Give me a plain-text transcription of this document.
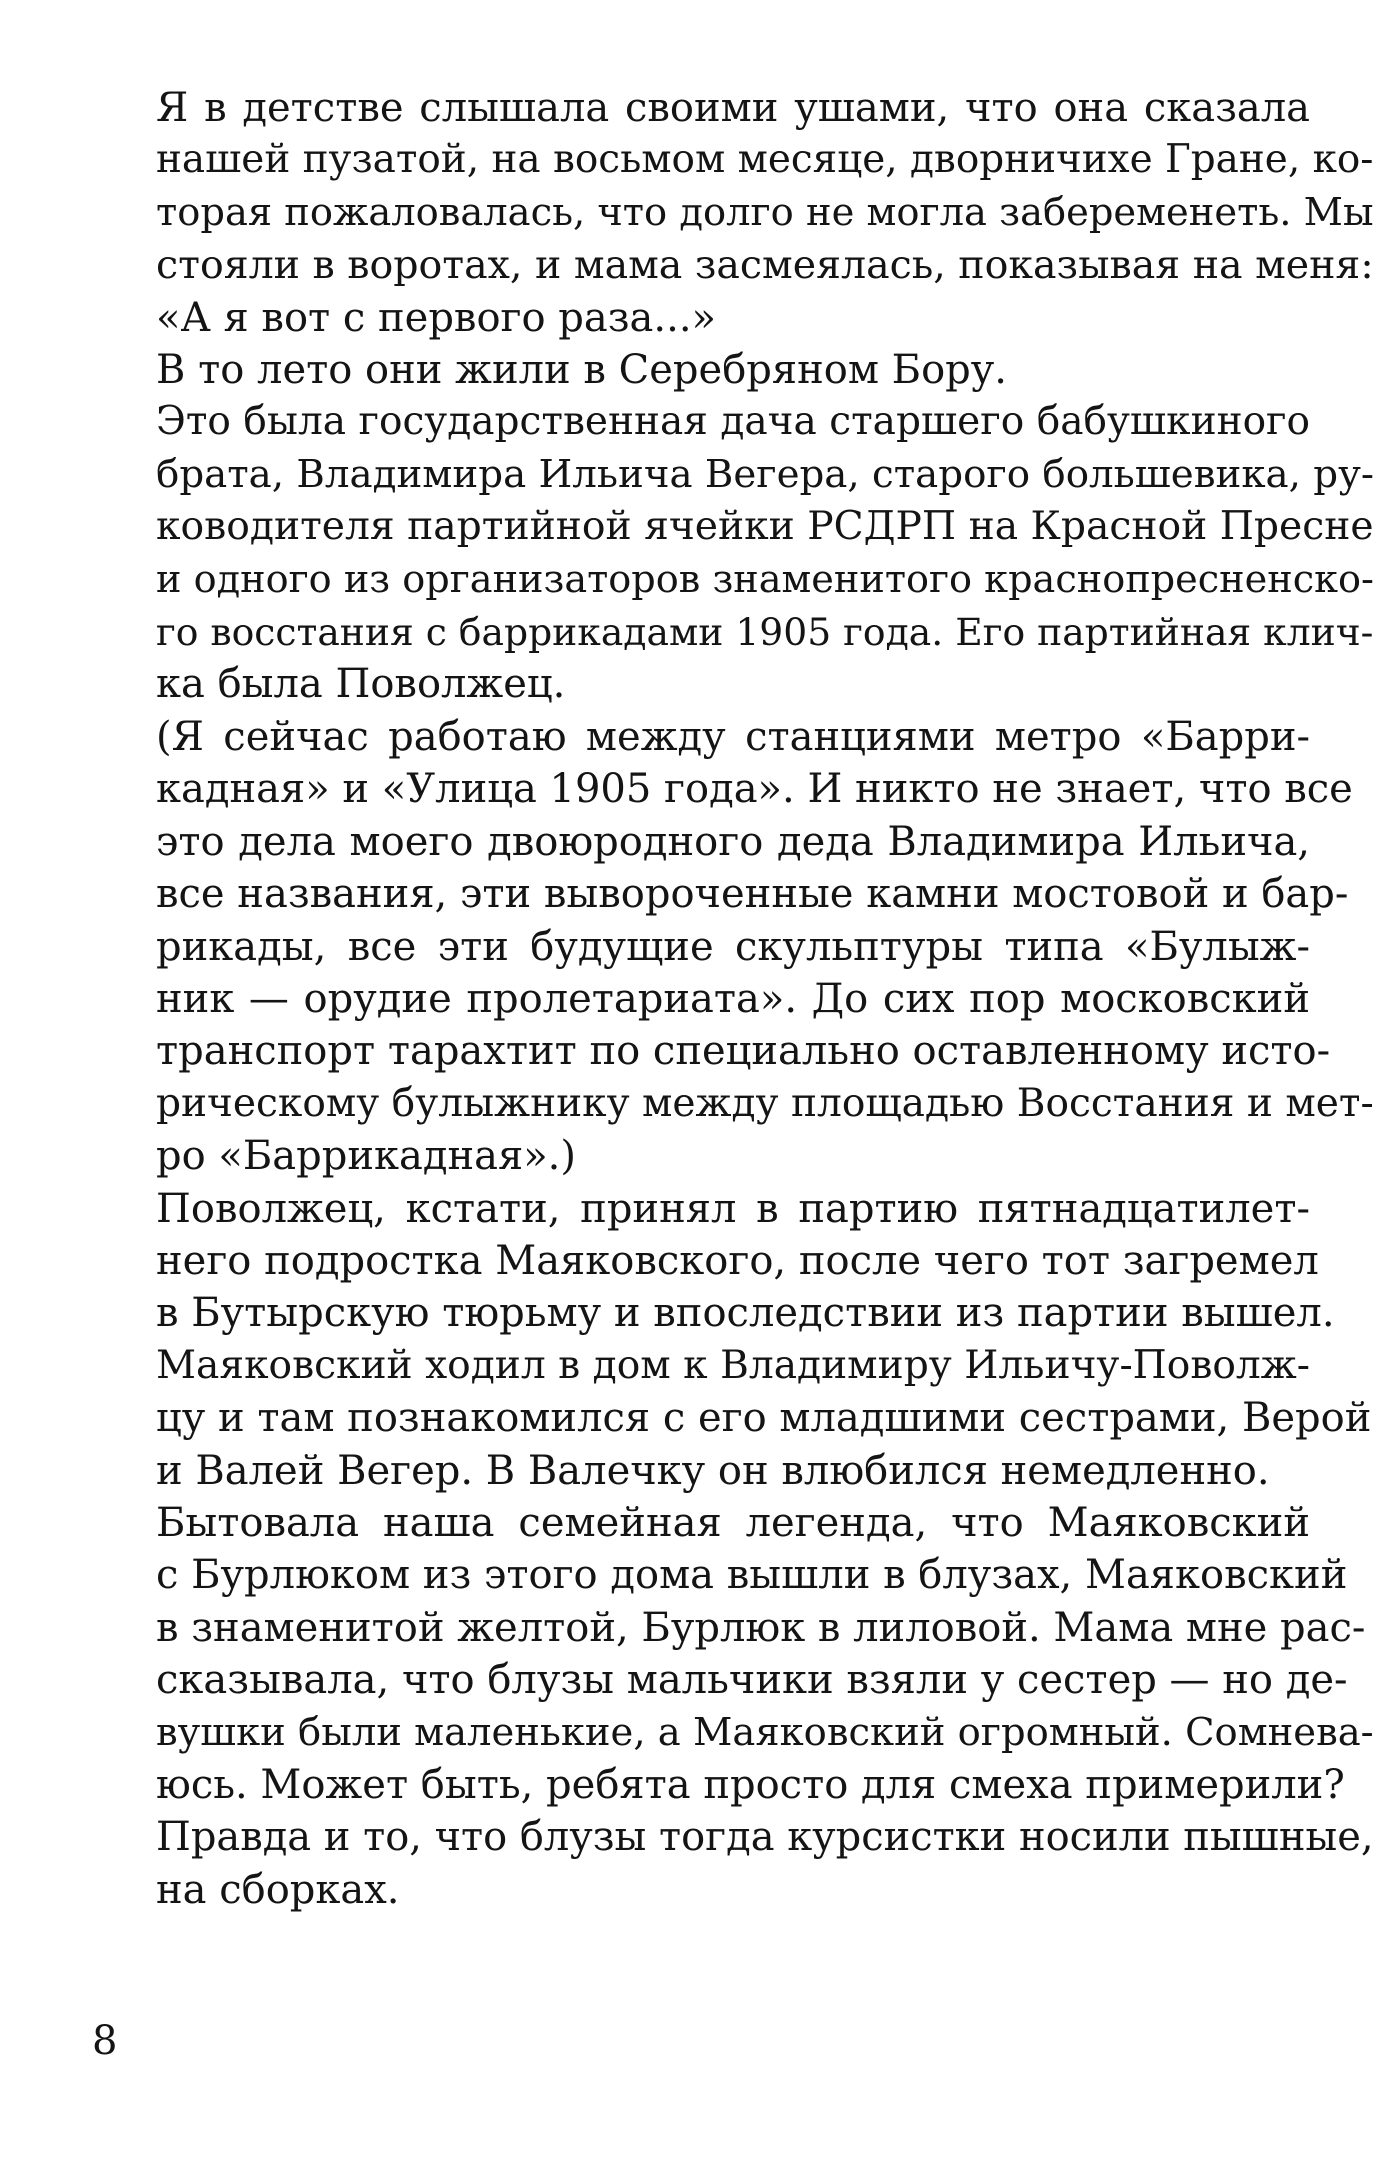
Я в детстве слышала своими ушами, что она сказала
нашей пузатой, на восьмом месяце, дворничихе Гране, ко-
торая пожаловалась, что долго не могла забеременеть. Мы
стояли в воротах, и мама засмеялась, показывая на меня:
«А я вот с первого раза...»

В то лето они жили в Серебряном Бору.

Это была государственная дача старшего бабушкиного
брата, Владимира Ильича Вегера, старого большевика, ру-
ководителя партийной ячейки РСДРП на Красной Пресне
и одного из организаторов знаменитого краснопресненско-
го восстания с баррикадами 1905 года. Его партийная клич-
ка была Поволжец.

(Я сейчас работаю между станциями метро «Барри-
кадная» и «Улица 1905 года». И никто не знает, что все
это дела моего двоюродного деда Владимира Ильича,
все названия, эти вывороченные камни мостовой и бар-
рикады, все эти будущие скульптуры типа «Булыж-
ник — орудие пролетариата». До сих пор московский
транспорт тарахтит по специально оставленному исто-
рическому булыжнику между площадью Восстания и мет-
ро «Баррикадная».)

Поволжец, кстати, принял в партию пятнадцатилет-
него подростка Маяковского, после чего тот загремел
в Бутырскую тюрьму и впоследствии из партии вышел.

Маяковский ходил в дом к Владимиру Ильичу-Поволж-
цу и там познакомился с его младшими сестрами, Верой
и Валей Вегер. В Валечку он влюбился немедленно.

Бытовала наша семейная легенда, что Маяковский
с Бурлюком из этого дома вышли в блузах, Маяковский
в знаменитой желтой, Бурлюк в лиловой. Мама мне рас-
сказывала, что блузы мальчики взяли у сестер — но де-
вушки были маленькие, а Маяковский огромный. Сомнева-
юсь. Может быть, ребята просто для смеха примерили?
Правда и то, что блузы тогда курсистки носили пышные,
на сборках.

8
